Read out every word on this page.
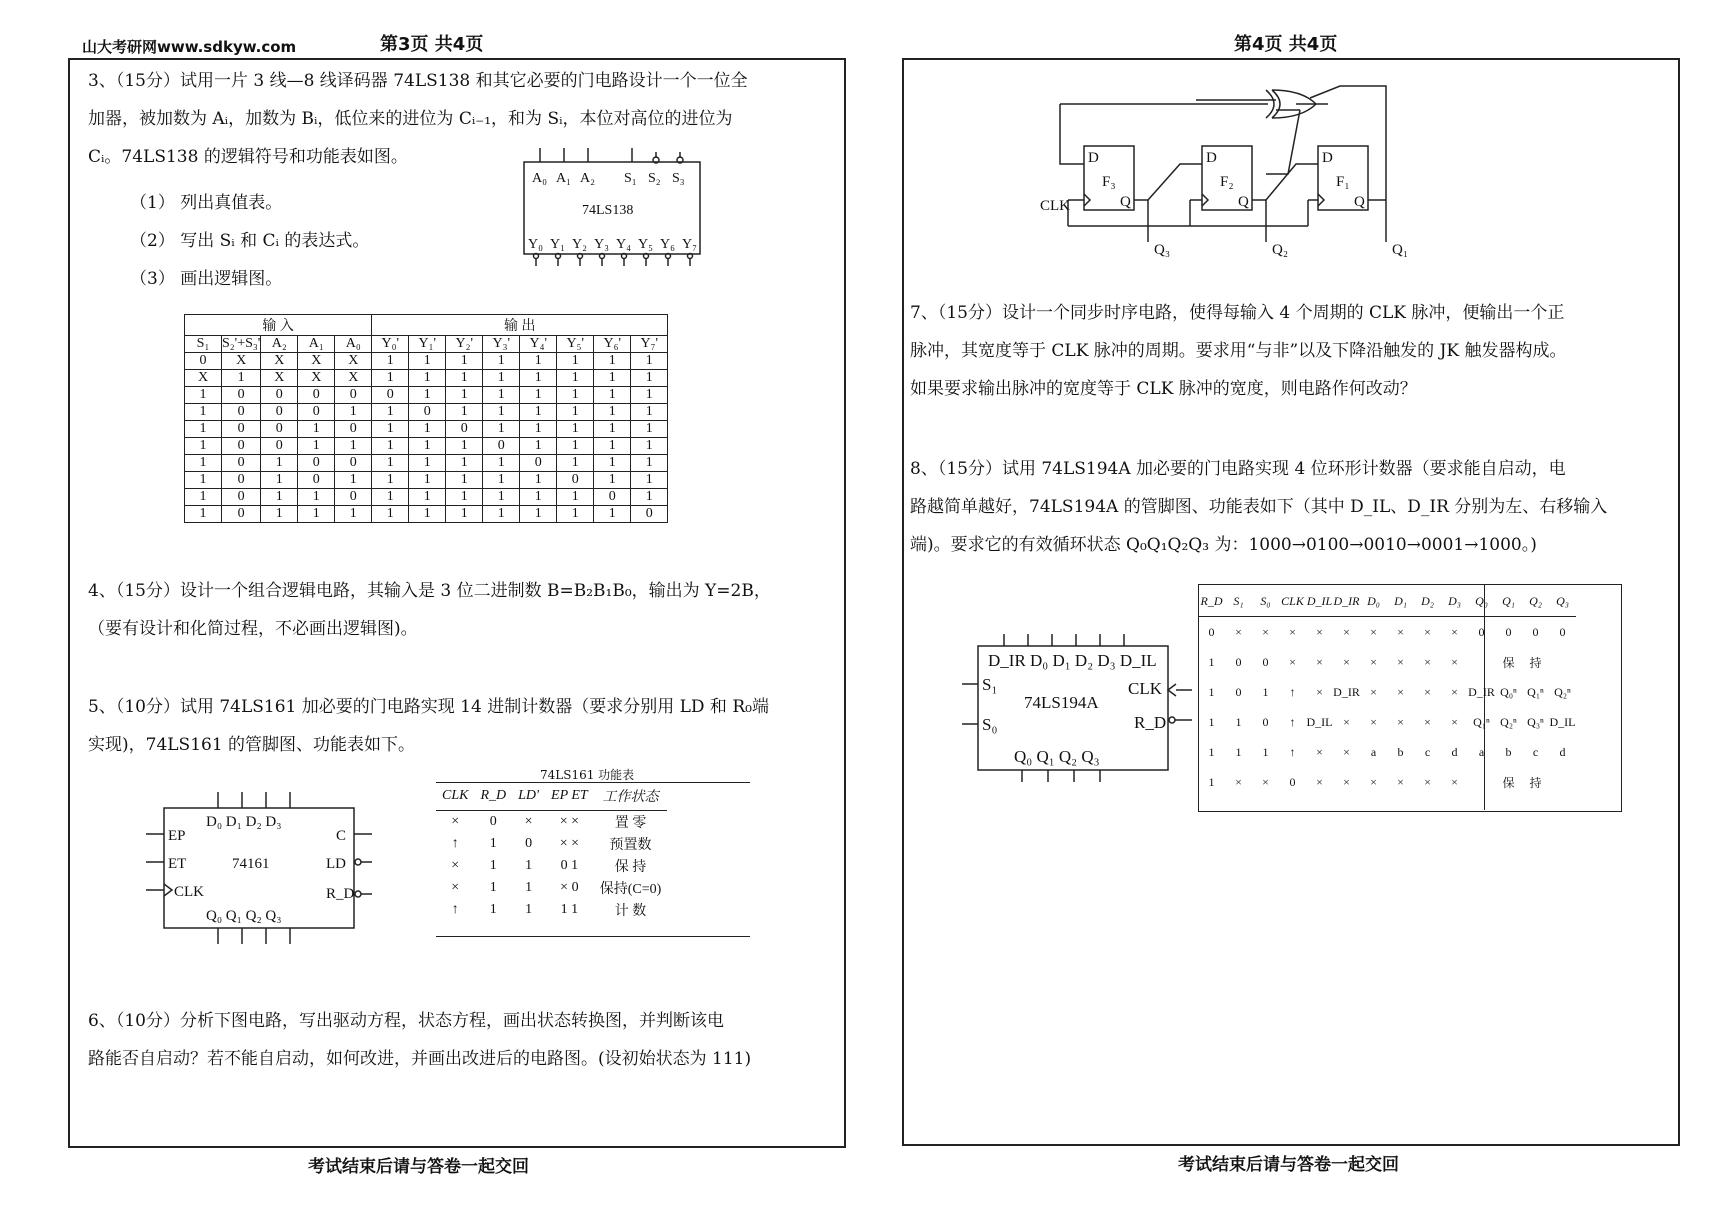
山大考研网www.sdkyw.com	第3页 共4页
3、（15分）试用一片 3 线—8 线译码器 74LS138 和其它必要的门电路设计一个一位全
加器，被加数为 Aᵢ，加数为 Bᵢ，低位来的进位为 Cᵢ₋₁，和为 Sᵢ，本位对高位的进位为
Cᵢ。74LS138 的逻辑符号和功能表如图。
（1） 列出真值表。
（2） 写出 Sᵢ 和 Cᵢ 的表达式。
（3） 画出逻辑图。
A₀ A₁ A₂ S₁ S₂ S₃
74LS138
Y₀ Y₁ Y₂ Y₃ Y₄ Y₅ Y₆ Y₇
输 入					输 出							
S₁	S₂'+S₃'	A₂	A₁	A₀	Y₀'	Y₁'	Y₂'	Y₃'	Y₄'	Y₅'	Y₆'	Y₇'
0	X	X	X	X	1	1	1	1	1	1	1	1
X	1	X	X	X	1	1	1	1	1	1	1	1
1	0	0	0	0	0	1	1	1	1	1	1	1
1	0	0	0	1	1	0	1	1	1	1	1	1
1	0	0	1	0	1	1	0	1	1	1	1	1
1	0	0	1	1	1	1	1	0	1	1	1	1
1	0	1	0	0	1	1	1	1	0	1	1	1
1	0	1	0	1	1	1	1	1	1	0	1	1
1	0	1	1	0	1	1	1	1	1	1	0	1
1	0	1	1	1	1	1	1	1	1	1	1	0
4、（15分）设计一个组合逻辑电路，其输入是 3 位二进制数 B=B₂B₁B₀，输出为 Y=2B，
（要有设计和化简过程，不必画出逻辑图)。
5、（10分）试用 74LS161 加必要的门电路实现 14 进制计数器（要求分别用 LD 和 R₀端
实现)，74LS161 的管脚图、功能表如下。
D₀ D₁ D₂ D₃
EP
ET
CLK
74161
C
LD
R_D
Q₀ Q₁ Q₂ Q₃
74LS161 功能表
CLK	R_D	LD'	EP ET	工作状态
×	0	×	× ×	置 零
↑	1	0	× ×	预置数
×	1	1	0 1	保 持
×	1	1	× 0	保持(C=0)
↑	1	1	1 1	计 数
6、（10分）分析下图电路，写出驱动方程，状态方程，画出状态转换图，并判断该电
路能否自启动？若不能自启动，如何改进，并画出改进后的电路图。(设初始状态为 111)
考试结束后请与答卷一起交回
第4页 共4页
CLK
D
F₃
Q
D
F₂
Q
D
F₁
Q
Q₃	Q₂	Q₁
7、（15分）设计一个同步时序电路，使得每输入 4 个周期的 CLK 脉冲，便输出一个正
脉冲，其宽度等于 CLK 脉冲的周期。要求用“与非”以及下降沿触发的 JK 触发器构成。
如果要求输出脉冲的宽度等于 CLK 脉冲的宽度，则电路作何改动？
8、（15分）试用 74LS194A 加必要的门电路实现 4 位环形计数器（要求能自启动，电
路越简单越好，74LS194A 的管脚图、功能表如下（其中 D_IL、D_IR 分别为左、右移输入
端)。要求它的有效循环状态 Q₀Q₁Q₂Q₃ 为：1000→0100→0010→0001→1000。)
D_IR D₀ D₁ D₂ D₃ D_IL
S₁
S₀
74LS194A
CLK
R_D
Q₀ Q₁ Q₂ Q₃
R_D	S₁	S₀	CLK	D_IL	D_IR	D₀	D₁	D₂	D₃	Q₀	Q₁	Q₂	Q₃
0	×	×	×	×	×	×	×	×	×	0	0	0	0
1	0	0	×	×	×	×	×	×	×		保	持	
1	0	1	↑	×	D_IR	×	×	×	×	D_IR	Q₀ⁿ	Q₁ⁿ	Q₂ⁿ
1	1	0	↑	D_IL	×	×	×	×	×	Q₁ⁿ	Q₂ⁿ	Q₃ⁿ	D_IL
1	1	1	↑	×	×	a	b	c	d	a	b	c	d
1	×	×	0	×	×	×	×	×	×		保	持	
考试结束后请与答卷一起交回
